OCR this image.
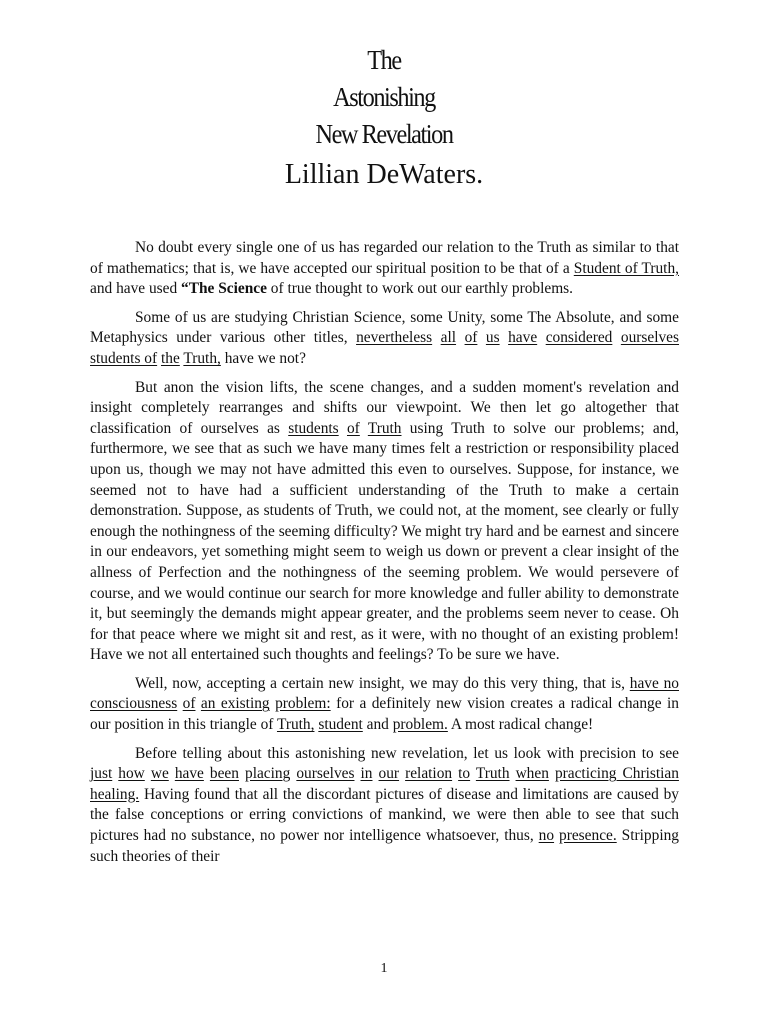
The
Astonishing
New Revelation
Lillian DeWaters.

No doubt every single one of us has regarded our relation to the Truth as similar to that of mathematics; that is, we have accepted our spiritual position to be that of a Student of Truth, and have used “The Science of true thought to work out our earthly problems.

Some of us are studying Christian Science, some Unity, some The Absolute, and some Metaphysics under various other titles, nevertheless all of us have considered ourselves students of the Truth, have we not?

But anon the vision lifts, the scene changes, and a sudden moment's revelation and insight completely rearranges and shifts our viewpoint. We then let go altogether that classification of ourselves as students of Truth using Truth to solve our problems; and, furthermore, we see that as such we have many times felt a restriction or responsibility placed upon us, though we may not have admitted this even to ourselves. Suppose, for instance, we seemed not to have had a sufficient understanding of the Truth to make a certain demonstration. Suppose, as students of Truth, we could not, at the moment, see clearly or fully enough the nothingness of the seeming difficulty? We might try hard and be earnest and sincere in our endeavors, yet something might seem to weigh us down or prevent a clear insight of the allness of Perfection and the nothingness of the seeming problem. We would persevere of course, and we would continue our search for more knowledge and fuller ability to demonstrate it, but seemingly the demands might appear greater, and the problems seem never to cease. Oh for that peace where we might sit and rest, as it were, with no thought of an existing problem! Have we not all entertained such thoughts and feelings? To be sure we have.

Well, now, accepting a certain new insight, we may do this very thing, that is, have no consciousness of an existing problem: for a definitely new vision creates a radical change in our position in this triangle of Truth, student and problem. A most radical change!

Before telling about this astonishing new revelation, let us look with precision to see just how we have been placing ourselves in our relation to Truth when practicing Christian healing. Having found that all the discordant pictures of disease and limitations are caused by the false conceptions or erring convictions of mankind, we were then able to see that such pictures had no substance, no power nor intelligence whatsoever, thus, no presence. Stripping such theories of their

1
